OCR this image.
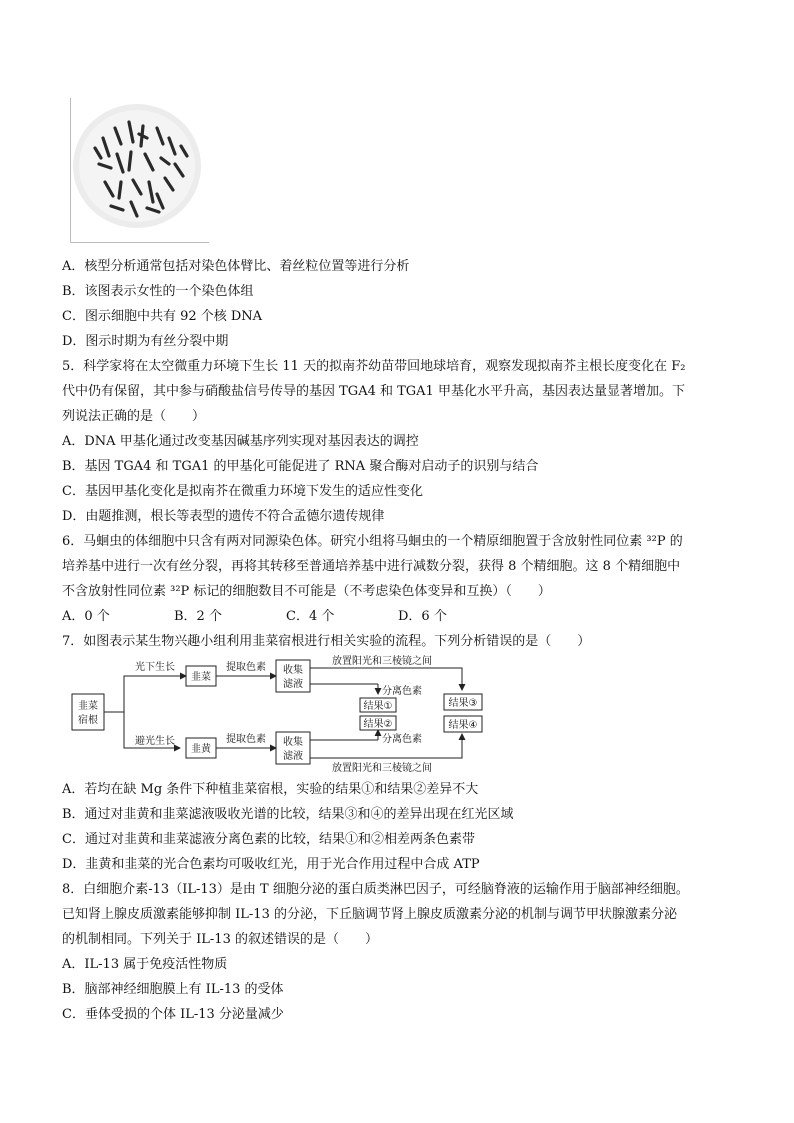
A．核型分析通常包括对染色体臂比、着丝粒位置等进行分析
B．该图表示女性的一个染色体组
C．图示细胞中共有 92 个核 DNA
D．图示时期为有丝分裂中期
5．科学家将在太空微重力环境下生长 11 天的拟南芥幼苗带回地球培育，观察发现拟南芥主根长度变化在 F₂
代中仍有保留，其中参与硝酸盐信号传导的基因 TGA4 和 TGA1 甲基化水平升高，基因表达量显著增加。下
列说法正确的是（　　）
A．DNA 甲基化通过改变基因碱基序列实现对基因表达的调控
B．基因 TGA4 和 TGA1 的甲基化可能促进了 RNA 聚合酶对启动子的识别与结合
C．基因甲基化变化是拟南芥在微重力环境下发生的适应性变化
D．由题推测，根长等表型的遗传不符合孟德尔遗传规律
6．马蛔虫的体细胞中只含有两对同源染色体。研究小组将马蛔虫的一个精原细胞置于含放射性同位素 ³²P 的
培养基中进行一次有丝分裂，再将其转移至普通培养基中进行减数分裂，获得 8 个精细胞。这 8 个精细胞中
不含放射性同位素 ³²P 标记的细胞数目不可能是（不考虑染色体变异和互换）（　　）
A．0 个	B．2 个	C．4 个	D．6 个
7．如图表示某生物兴趣小组利用韭菜宿根进行相关实验的流程。下列分析错误的是（　　）
韭菜
宿根
光下生长
避光生长
韭菜
韭黄
提取色素
提取色素
收集
滤液
收集
滤液
放置阳光和三棱镜之间
分离色素
分离色素
放置阳光和三棱镜之间
结果①
结果②
结果③
结果④
A．若均在缺 Mg 条件下种植韭菜宿根，实验的结果①和结果②差异不大
B．通过对韭黄和韭菜滤液吸收光谱的比较，结果③和④的差异出现在红光区域
C．通过对韭黄和韭菜滤液分离色素的比较，结果①和②相差两条色素带
D．韭黄和韭菜的光合色素均可吸收红光，用于光合作用过程中合成 ATP
8．白细胞介素-13（IL-13）是由 T 细胞分泌的蛋白质类淋巴因子，可经脑脊液的运输作用于脑部神经细胞。
已知肾上腺皮质激素能够抑制 IL-13 的分泌，下丘脑调节肾上腺皮质激素分泌的机制与调节甲状腺激素分泌
的机制相同。下列关于 IL-13 的叙述错误的是（　　）
A．IL-13 属于免疫活性物质
B．脑部神经细胞膜上有 IL-13 的受体
C．垂体受损的个体 IL-13 分泌量减少
